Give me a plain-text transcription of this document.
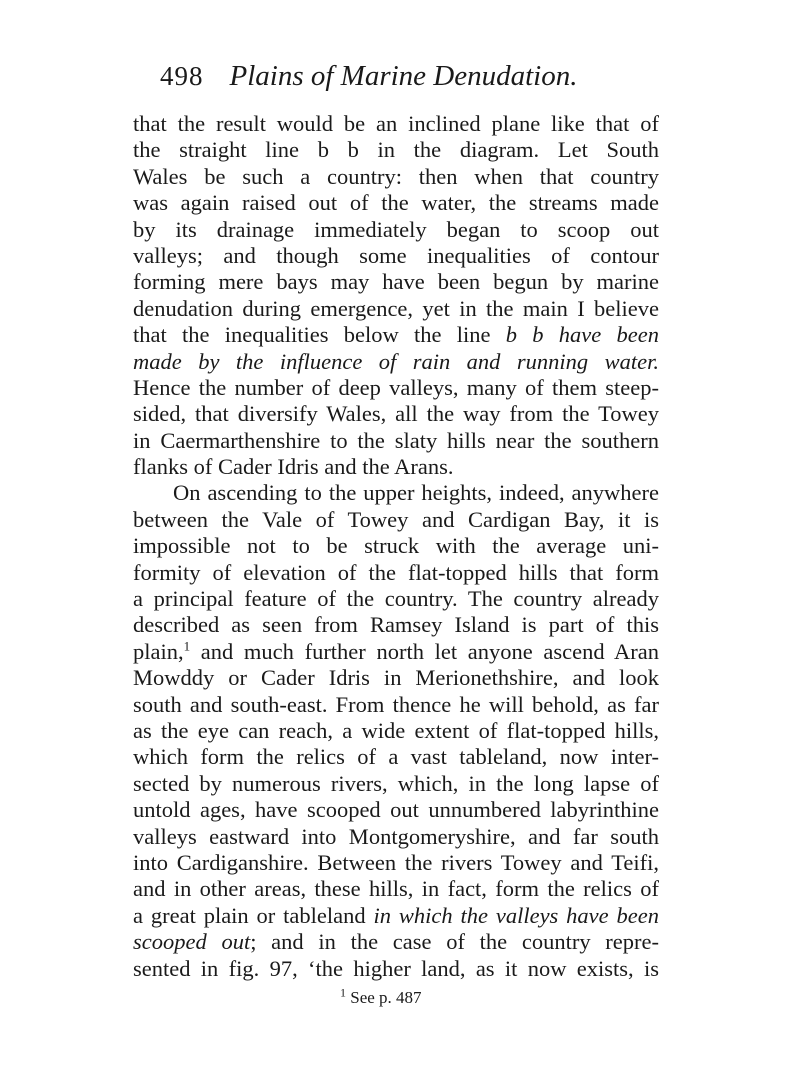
498 Plains of Marine Denudation.
that the result would be an inclined plane like that of
the straight line b b in the diagram. Let South
Wales be such a country: then when that country
was again raised out of the water, the streams made
by its drainage immediately began to scoop out
valleys; and though some inequalities of contour
forming mere bays may have been begun by marine
denudation during emergence, yet in the main I believe
that the inequalities below the line b b have been
made by the influence of rain and running water.
Hence the number of deep valleys, many of them steep-
sided, that diversify Wales, all the way from the Towey
in Caermarthenshire to the slaty hills near the southern
flanks of Cader Idris and the Arans.
On ascending to the upper heights, indeed, anywhere
between the Vale of Towey and Cardigan Bay, it is
impossible not to be struck with the average uni-
formity of elevation of the flat-topped hills that form
a principal feature of the country. The country already
described as seen from Ramsey Island is part of this
plain,$^1$ and much further north let anyone ascend Aran
Mowddy or Cader Idris in Merionethshire, and look
south and south-east. From thence he will behold, as far
as the eye can reach, a wide extent of flat-topped hills,
which form the relics of a vast tableland, now inter-
sected by numerous rivers, which, in the long lapse of
untold ages, have scooped out unnumbered labyrinthine
valleys eastward into Montgomeryshire, and far south
into Cardiganshire. Between the rivers Towey and Teifi,
and in other areas, these hills, in fact, form the relics of
a great plain or tableland in which the valleys have been
scooped out; and in the case of the country repre-
sented in fig. 97, ‘the higher land, as it now exists, is
$^1$ See p. 487
